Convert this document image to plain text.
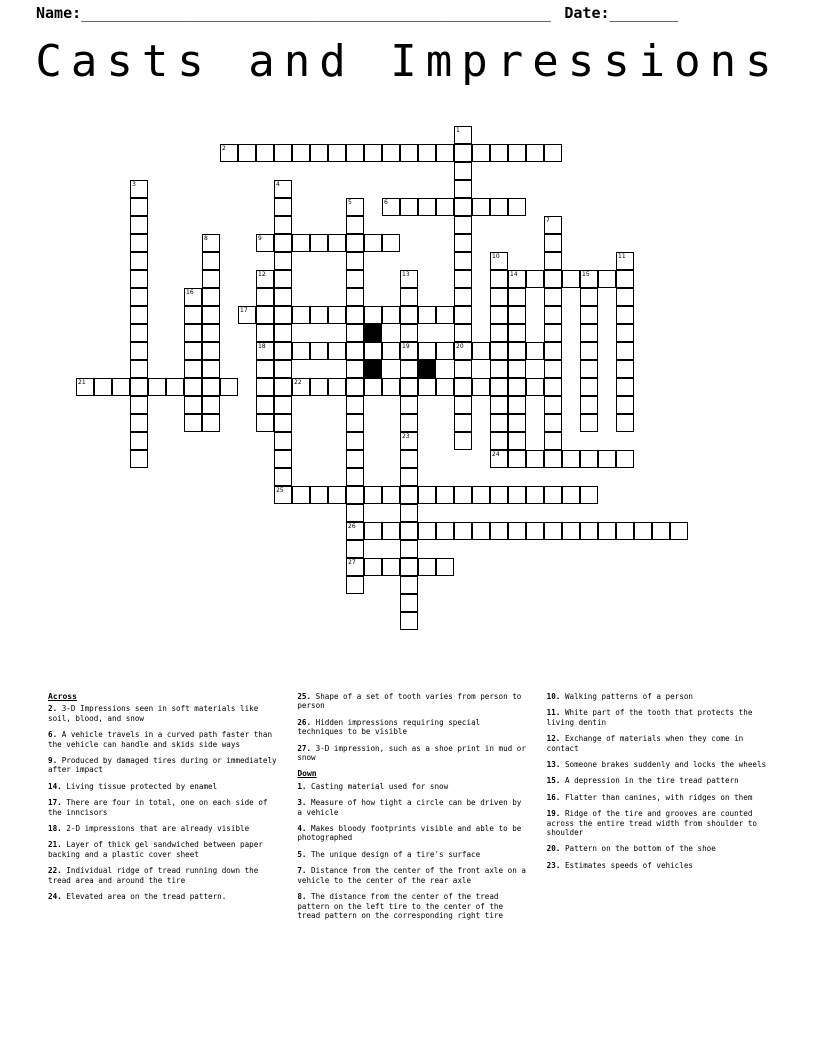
Name: _______________________________________________________ Date: ________
Casts and Impressions
1
2
3	4
5	6
7
8	9
10	11
12	13	14	15
16
17
18	19	20
21	22
23
24
25
26
27
Across
2. 3-D Impressions seen in soft materials like soil, blood, and snow
6. A vehicle travels in a curved path faster than the vehicle can handle and skids side ways
9. Produced by damaged tires during or immediately after impact
14. Living tissue protected by enamel
17. There are four in total, one on each side of the inncisors
18. 2-D impressions that are already visible
21. Layer of thick gel sandwiched between paper backing and a plastic cover sheet
22. Individual ridge of tread running down the tread area and around the tire
24. Elevated area on the tread pattern.
25. Shape of a set of tooth varies from person to person
26. Hidden impressions requiring special techniques to be visible
27. 3-D impression, such as a shoe print in mud or snow
Down
1. Casting material used for snow
3. Measure of how tight a circle can be driven by a vehicle
4. Makes bloody footprints visible and able to be photographed
5. The unique design of a tire's surface
7. Distance from the center of the front axle on a vehicle to the center of the rear axle
8. The distance from the center of the tread pattern on the left tire to the center of the tread pattern on the corresponding right tire
10. Walking patterns of a person
11. White part of the tooth that protects the living dentin
12. Exchange of materials when they come in contact
13. Someone brakes suddenly and locks the wheels
15. A depression in the tire tread pattern
16. Flatter than canines, with ridges on them
19. Ridge of the tire and grooves are counted across the entire tread width from shoulder to shoulder
20. Pattern on the bottom of the shoe
23. Estimates speeds of vehicles
